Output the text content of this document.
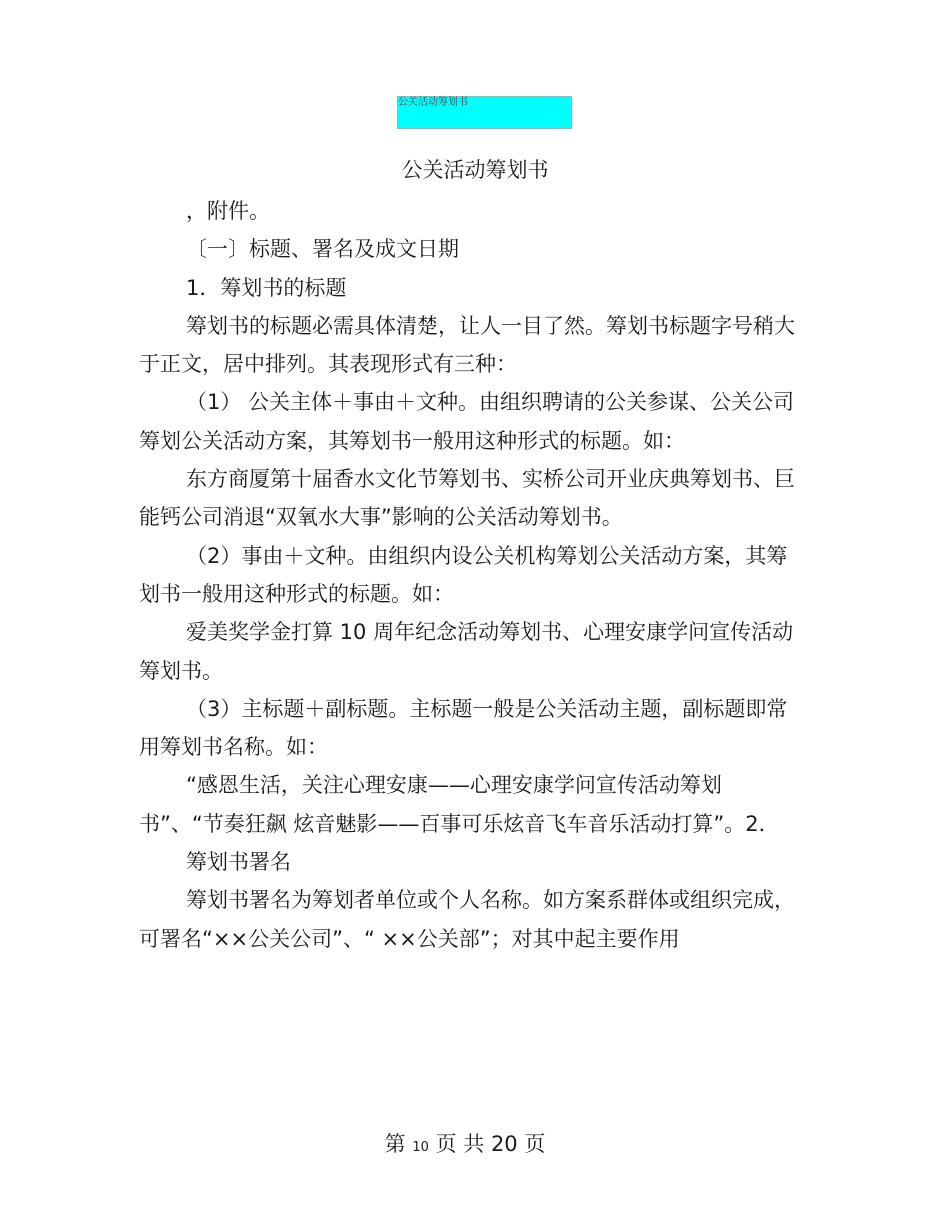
公关活动筹划书
公关活动筹划书

，附件。

〔一〕标题、署名及成文日期

1．筹划书的标题

筹划书的标题必需具体清楚，让人一目了然。筹划书标题字号稍大于正文，居中排列。其表现形式有三种：

（1） 公关主体＋事由＋文种。由组织聘请的公关参谋、公关公司筹划公关活动方案，其筹划书一般用这种形式的标题。如：

东方商厦第十届香水文化节筹划书、实桥公司开业庆典筹划书、巨能钙公司消退“双氧水大事”影响的公关活动筹划书。

（2）事由＋文种。由组织内设公关机构筹划公关活动方案，其筹划书一般用这种形式的标题。如：

爱美奖学金打算 10 周年纪念活动筹划书、心理安康学问宣传活动筹划书。

（3）主标题＋副标题。主标题一般是公关活动主题，副标题即常用筹划书名称。如：

“感恩生活，关注心理安康——心理安康学问宣传活动筹划书”、“节奏狂飙 炫音魅影——百事可乐炫音飞车音乐活动打算”。2．

筹划书署名

筹划书署名为筹划者单位或个人名称。如方案系群体或组织完成，可署名“××公关公司”、“ ××公关部”；对其中起主要作用

第 10 页 共 20 页
